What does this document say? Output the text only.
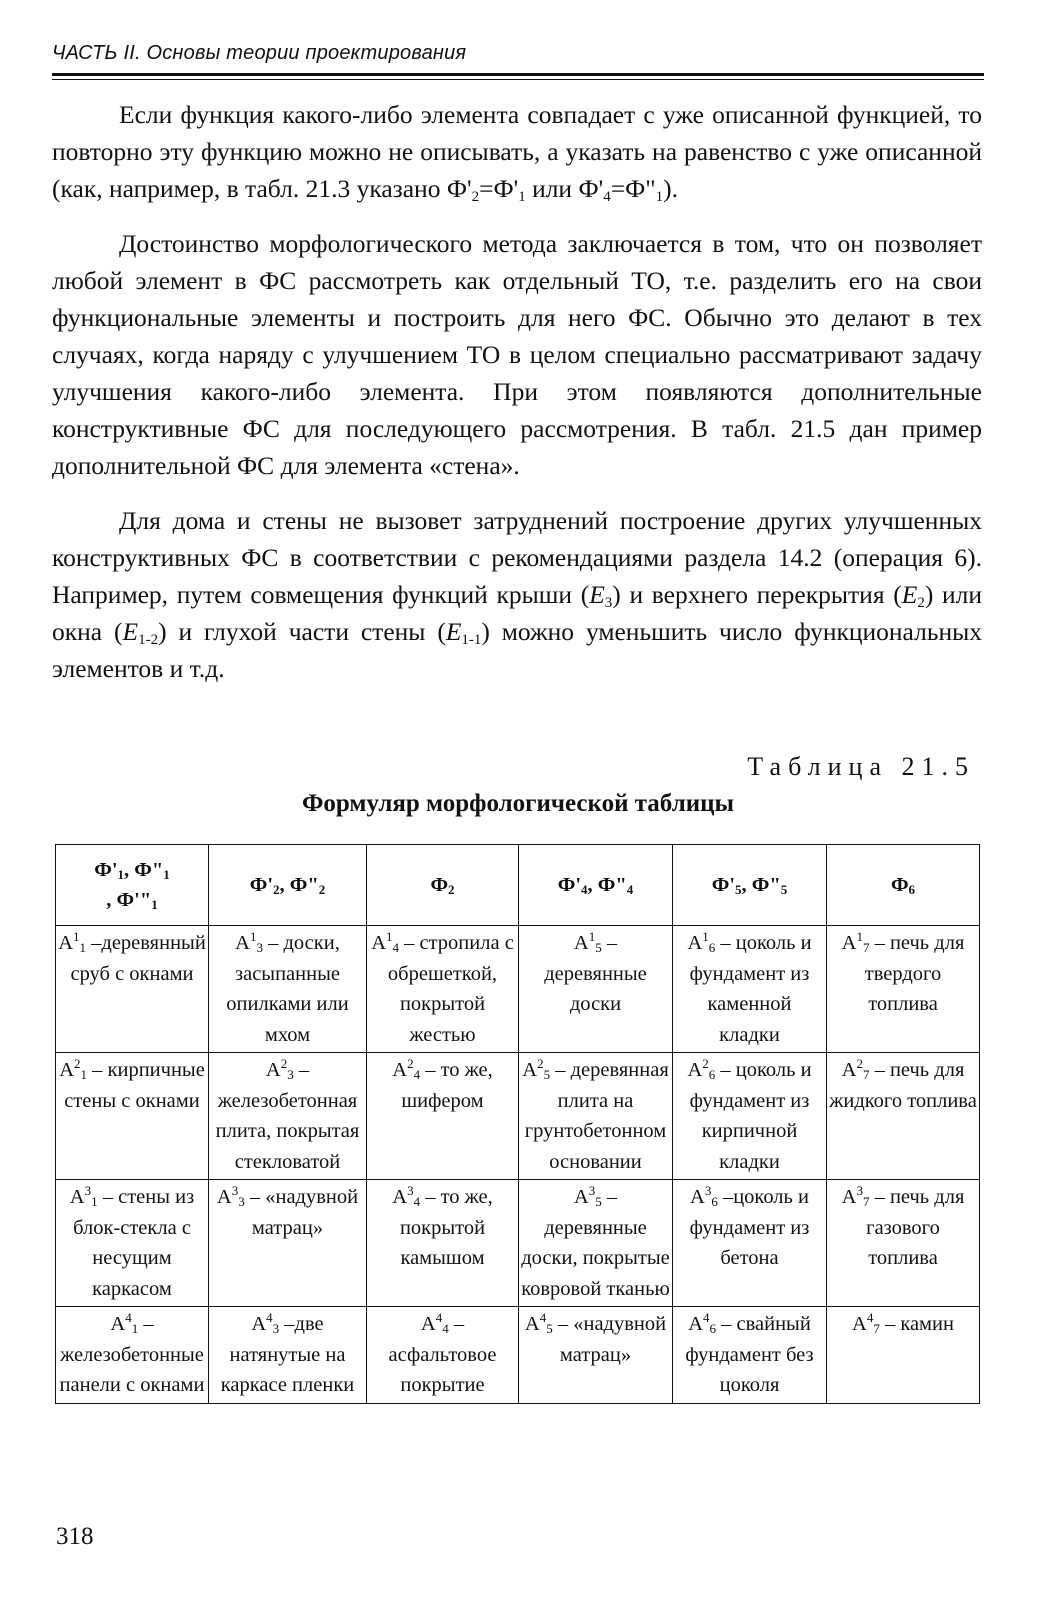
ЧАСТЬ II. Основы теории проектирования

Если функция какого-либо элемента совпадает с уже описанной функцией, то повторно эту функцию можно не описывать, а указать на равенство с уже описанной (как, например, в табл. 21.3 указано $Ф'_2=Ф'_1$ или $Ф'_4=Ф"_1$).

Достоинство морфологического метода заключается в том, что он позволяет любой элемент в ФС рассмотреть как отдельный ТО, т.е. разделить его на свои функциональные элементы и построить для него ФС. Обычно это делают в тех случаях, когда наряду с улучшением ТО в целом специально рассматривают задачу улучшения какого-либо элемента. При этом появляются дополнительные конструктивные ФС для последующего рассмотрения. В табл. 21.5 дан пример дополнительной ФС для элемента «стена».

Для дома и стены не вызовет затруднений построение других улучшенных конструктивных ФС в соответствии с рекомендациями раздела 14.2 (операция 6). Например, путем совмещения функций крыши $(E_3)$ и верхнего перекрытия $(E_2)$ или окна $(E_{1-2})$ и глухой части стены $(E_{1-1})$ можно уменьшить число функциональных элементов и т.д.

Таблица 21.5
Формуляр морфологической таблицы
$Ф'_1$, $Ф"_1$
, $Ф'"_1$	$Ф'_2$, $Ф"_2$	$Ф_2$	$Ф'_4$, $Ф"_4$	$Ф'_5$, $Ф"_5$	$Ф_6$
$A^1_1$ –деревянный сруб с окнами	$A^1_3$ – доски, засыпанные опилками или мхом	$A^1_4$ – стропила с обрешеткой, покрытой жестью	$A^1_5$ – деревянные доски	$A^1_6$ – цоколь и фундамент из каменной кладки	$A^1_7$ – печь для твердого топлива
$A^2_1$ – кирпичные стены с окнами	$A^2_3$ – железобетонная плита, покрытая стекловатой	$A^2_4$ – то же, шифером	$A^2_5$ – деревянная плита на грунтобетонном основании	$A^2_6$ – цоколь и фундамент из кирпичной кладки	$A^2_7$ – печь для жидкого топлива
$A^3_1$ – стены из блок-стекла с несущим каркасом	$A^3_3$ – «надувной матрац»	$A^3_4$ – то же, покрытой камышом	$A^3_5$ – деревянные доски, покрытые ковровой тканью	$A^3_6$ –цоколь и фундамент из бетона	$A^3_7$ – печь для газового топлива
$A^4_1$ – железобетонные панели с окнами	$A^4_3$ –две натянутые на каркасе пленки	$A^4_4$ – асфальтовое покрытие	$A^4_5$ – «надувной матрац»	$A^4_6$ – свайный фундамент без цоколя	$A^4_7$ – камин
318
